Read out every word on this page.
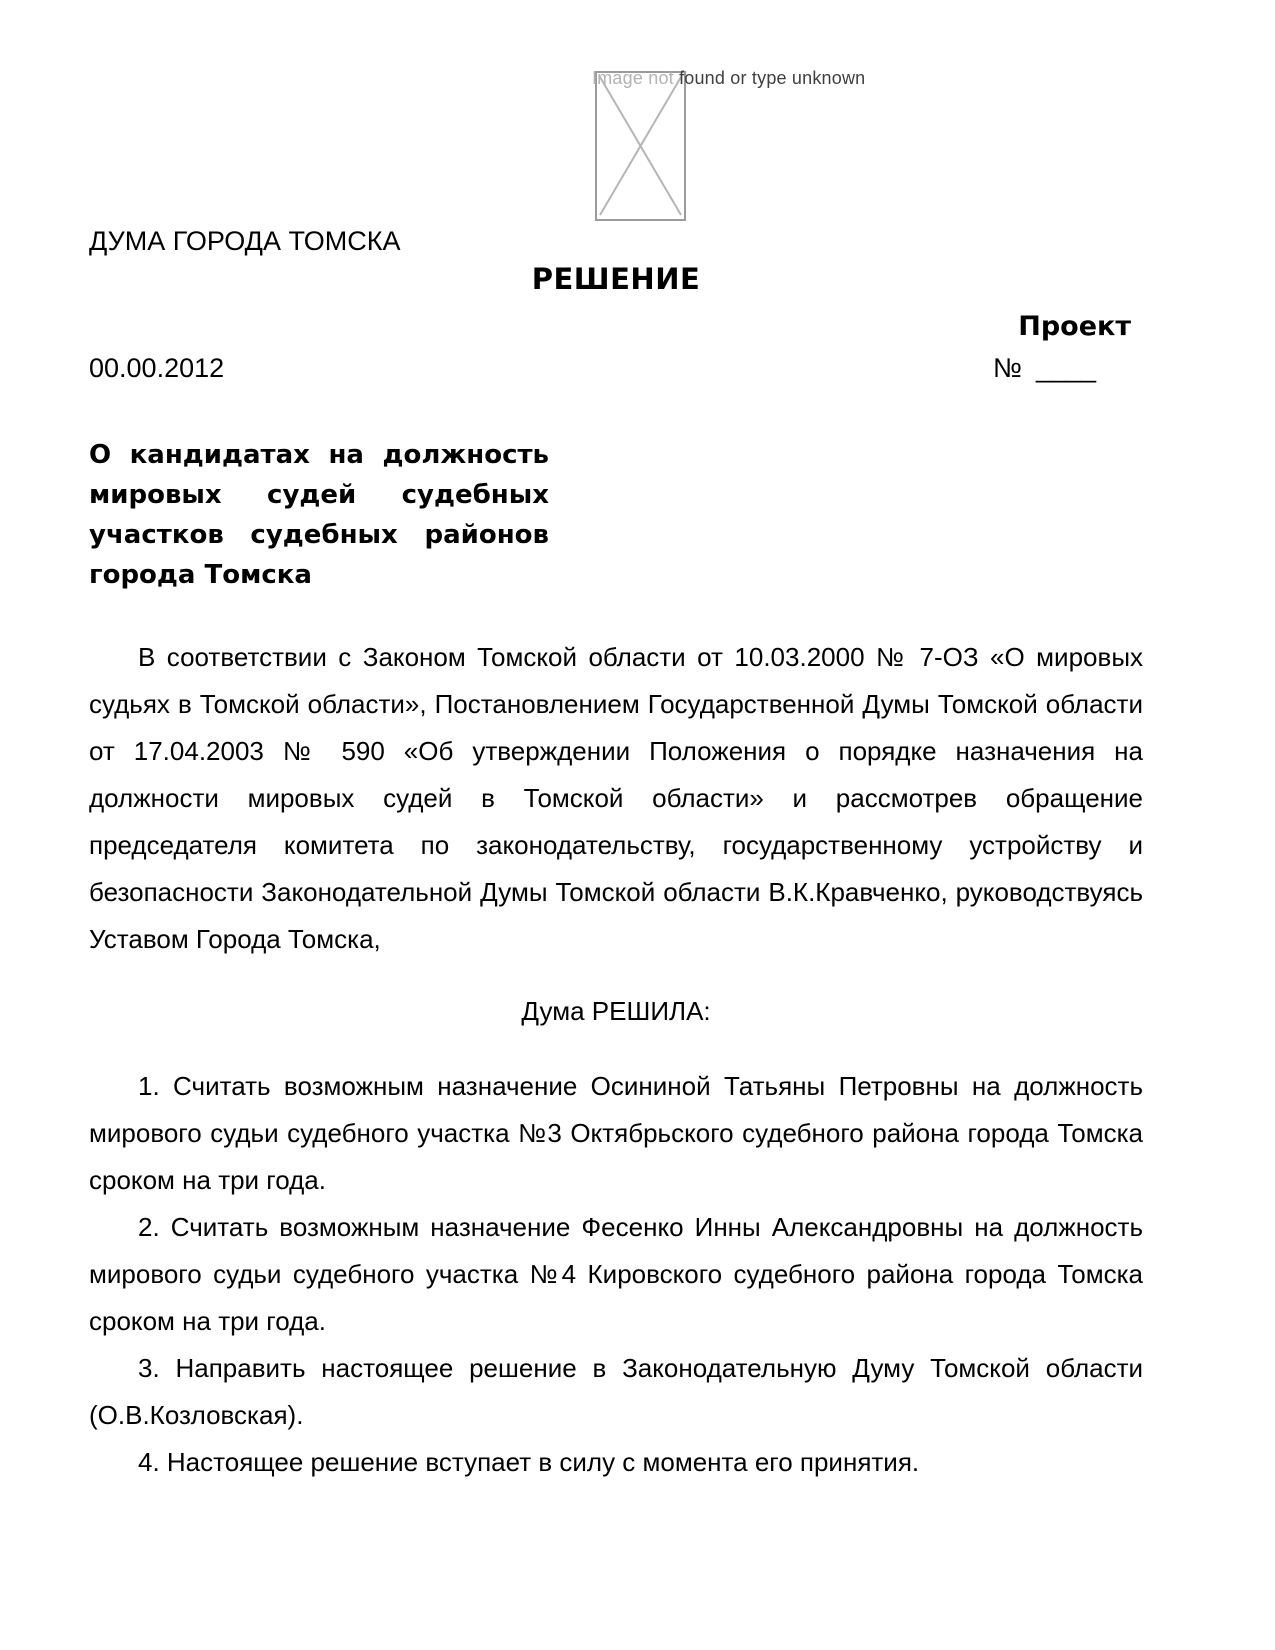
Image not found or type unknown
ДУМА ГОРОДА ТОМСКА
РЕШЕНИЕ
Проект
00.00.2012	№ ____
О кандидатах на должность мировых судей судебных участков судебных районов города Томска

В соответствии с Законом Томской области от 10.03.2000 № 7-ОЗ «О мировых судьях в Томской области», Постановлением Государственной Думы Томской области от 17.04.2003 № 590 «Об утверждении Положения о порядке назначения на должности мировых судей в Томской области» и рассмотрев обращение председателя комитета по законодательству, государственному устройству и безопасности Законодательной Думы Томской области В.К.Кравченко, руководствуясь Уставом Города Томска,

Дума РЕШИЛА:

1. Считать возможным назначение Осининой Татьяны Петровны на должность мирового судьи судебного участка №3 Октябрьского судебного района города Томска сроком на три года.

2. Считать возможным назначение Фесенко Инны Александровны на должность мирового судьи судебного участка №4 Кировского судебного района города Томска сроком на три года.

3. Направить настоящее решение в Законодательную Думу Томской области (О.В.Козловская).

4. Настоящее решение вступает в силу с момента его принятия.
